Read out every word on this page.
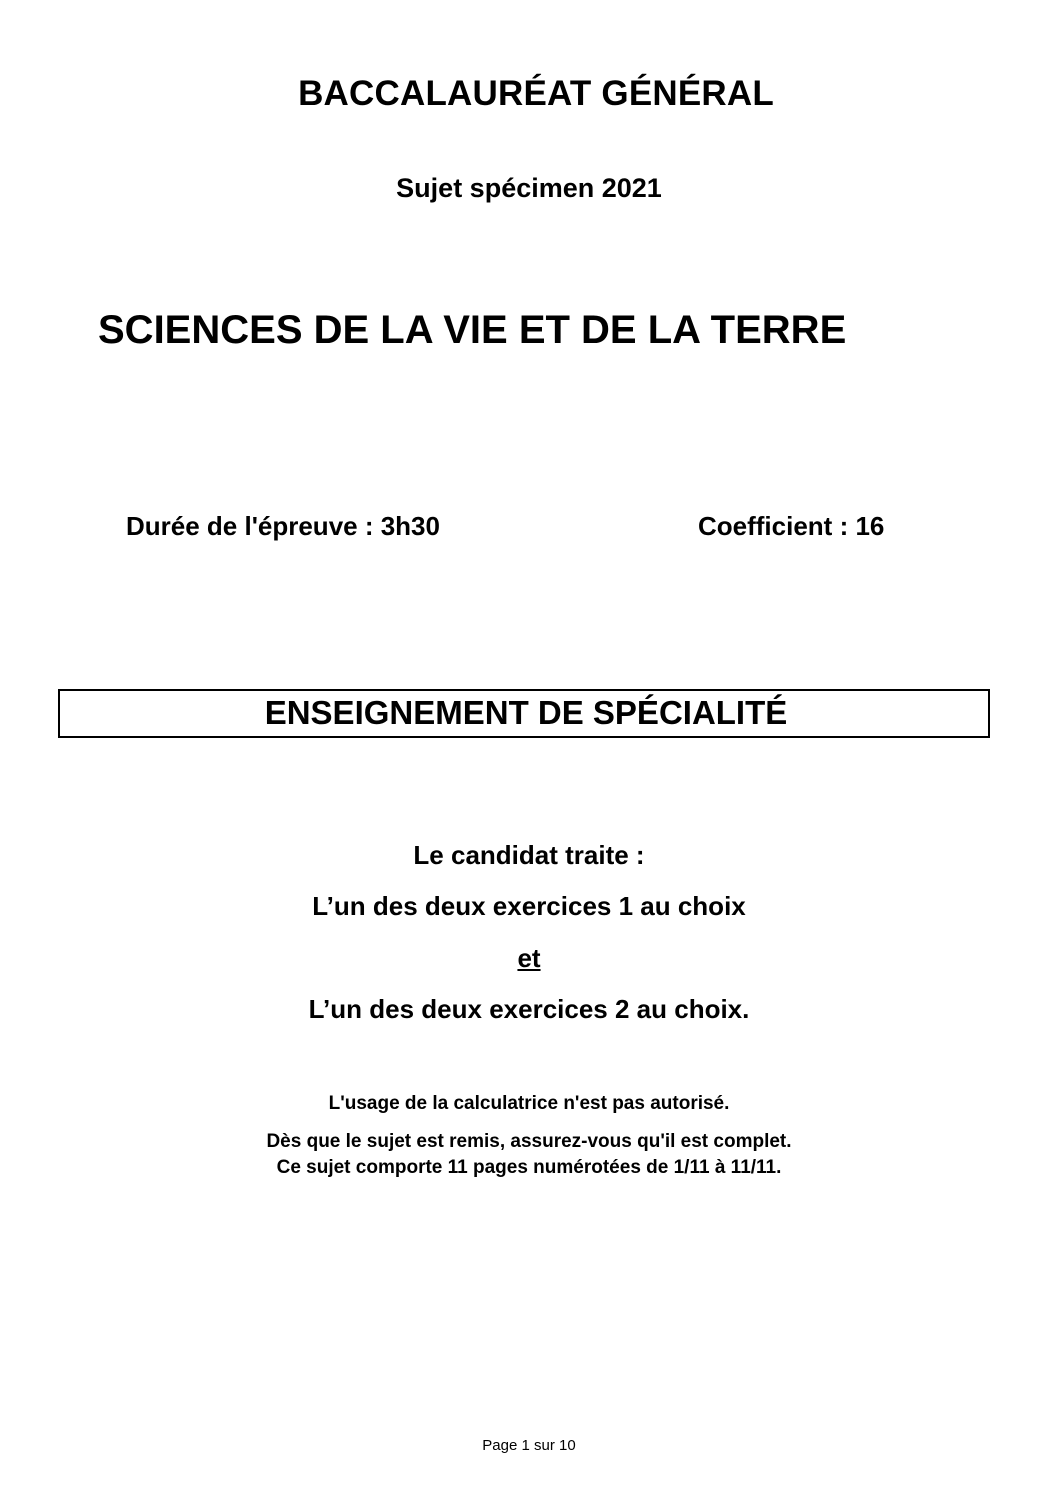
BACCALAURÉAT GÉNÉRAL
Sujet spécimen 2021
SCIENCES DE LA VIE ET DE LA TERRE
Durée de l'épreuve : 3h30	Coefficient : 16
ENSEIGNEMENT DE SPÉCIALITÉ
Le candidat traite :
L’un des deux exercices 1 au choix
et
L’un des deux exercices 2 au choix.
L'usage de la calculatrice n'est pas autorisé.
Dès que le sujet est remis, assurez-vous qu'il est complet.
Ce sujet comporte 11 pages numérotées de 1/11 à 11/11.
Page 1 sur 10
